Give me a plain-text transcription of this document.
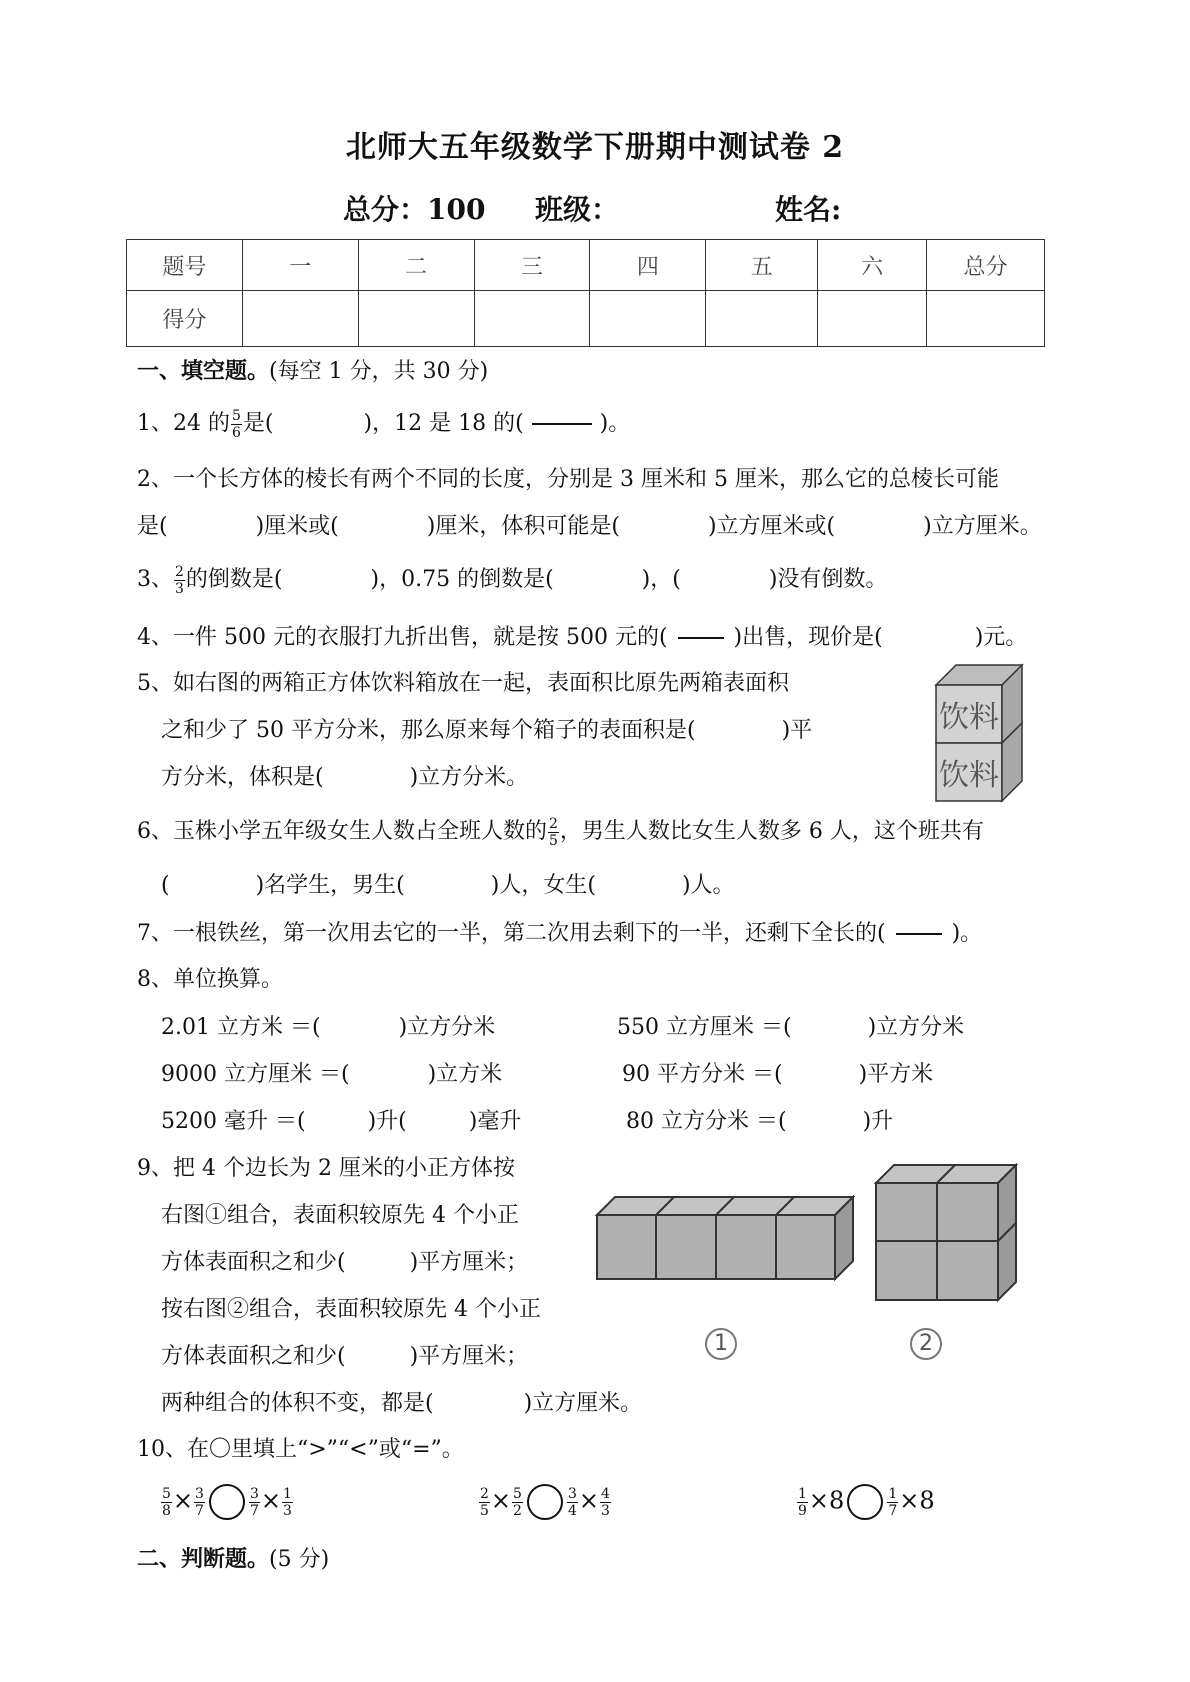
北师大五年级数学下册期中测试卷 2
总分：100 班级：	姓名:
题号	一	二	三	四	五	六	总分
得分							
一、填空题。(每空 1 分，共 30 分)
1、24 的 $\frac{5}{6}$ 是(	)，12 是 18 的(	)。
2、一个长方体的棱长有两个不同的长度，分别是 3 厘米和 5 厘米，那么它的总棱长可能
是(	)厘米或(	)厘米，体积可能是(	)立方厘米或(	)立方厘米。
3、 $\frac{2}{3}$ 的倒数是(	)，0.75 的倒数是(	)，(	)没有倒数。
4、一件 500 元的衣服打九折出售，就是按 500 元的(	)出售，现价是(	)元。
5、如右图的两箱正方体饮料箱放在一起，表面积比原先两箱表面积
之和少了 50 平方分米，那么原来每个箱子的表面积是(	)平
方分米，体积是(	)立方分米。
饮料
饮料
6、玉株小学五年级女生人数占全班人数的 $\frac{2}{5}$ ，男生人数比女生人数多 6 人，这个班共有
(	)名学生，男生(	)人，女生(	)人。
7、一根铁丝，第一次用去它的一半，第二次用去剩下的一半，还剩下全长的(	)。
8、单位换算。
2.01 立方米 ＝(	)立方分米	550 立方厘米 ＝(	)立方分米
9000 立方厘米 ＝(	)立方米	90 平方分米 ＝(	)平方米
5200 毫升 ＝(	)升(	)毫升	80 立方分米 ＝(	)升
9、把 4 个边长为 2 厘米的小正方体按
右图①组合，表面积较原先 4 个小正
方体表面积之和少(	)平方厘米；
按右图②组合，表面积较原先 4 个小正
方体表面积之和少(	)平方厘米；
两种组合的体积不变，都是(	)立方厘米。
1	2
10、在〇里填上“>”“<”或“=”。
$\frac{5}{8} \times \frac{3}{7}$	$\frac{3}{7} \times \frac{1}{3}$	$\frac{2}{5} \times \frac{5}{2}$	$\frac{3}{4} \times \frac{4}{3}$	$\frac{1}{9} \times 8$	$\frac{1}{7} \times 8$
二、判断题。(5 分)
